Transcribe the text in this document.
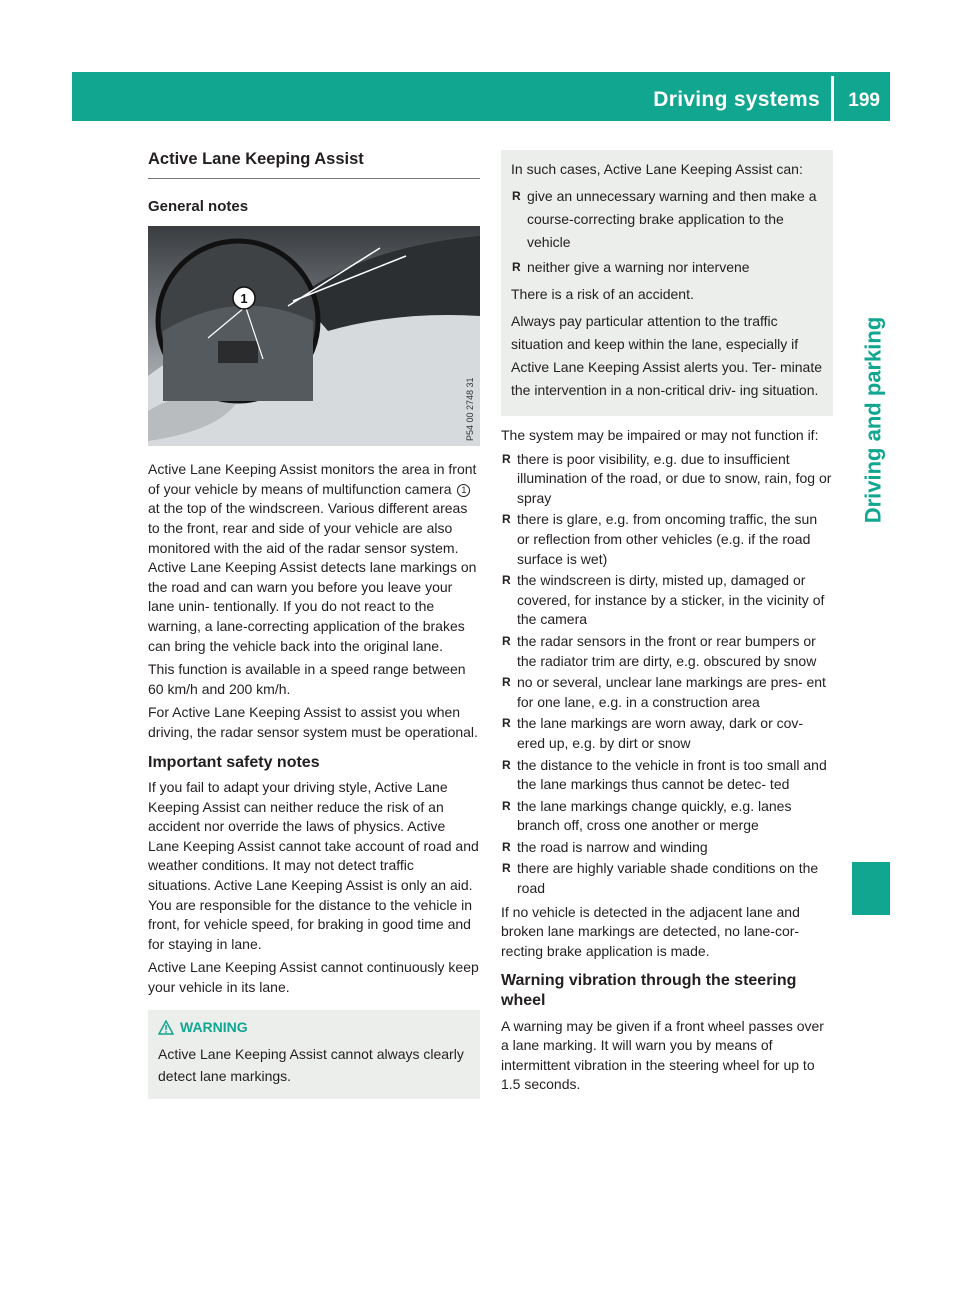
Driving systems 199
Driving and parking
Active Lane Keeping Assist
General notes
1
P54 00 2748 31

Active Lane Keeping Assist monitors the area in front of your vehicle by means of multifunction camera 1 at the top of the windscreen. Various different areas to the front, rear and side of your vehicle are also monitored with the aid of the radar sensor system. Active Lane Keeping Assist detects lane markings on the road and can warn you before you leave your lane unin- tentionally. If you do not react to the warning, a lane-correcting application of the brakes can bring the vehicle back into the original lane.

This function is available in a speed range between 60 km/h and 200 km/h.

For Active Lane Keeping Assist to assist you when driving, the radar sensor system must be operational.

Important safety notes

If you fail to adapt your driving style, Active Lane Keeping Assist can neither reduce the risk of an accident nor override the laws of physics. Active Lane Keeping Assist cannot take account of road and weather conditions. It may not detect traffic situations. Active Lane Keeping Assist is only an aid. You are responsible for the distance to the vehicle in front, for vehicle speed, for braking in good time and for staying in lane.

Active Lane Keeping Assist cannot continuously keep your vehicle in its lane.

WARNING
Active Lane Keeping Assist cannot always clearly detect lane markings.

In such cases, Active Lane Keeping Assist can:

R give an unnecessary warning and then make a course-correcting brake application to the vehicle
R neither give a warning nor intervene

There is a risk of an accident.

Always pay particular attention to the traffic situation and keep within the lane, especially if Active Lane Keeping Assist alerts you. Ter- minate the intervention in a non-critical driv- ing situation.

The system may be impaired or may not function if:

R there is poor visibility, e.g. due to insufficient illumination of the road, or due to snow, rain, fog or spray
R there is glare, e.g. from oncoming traffic, the sun or reflection from other vehicles (e.g. if the road surface is wet)
R the windscreen is dirty, misted up, damaged or covered, for instance by a sticker, in the vicinity of the camera
R the radar sensors in the front or rear bumpers or the radiator trim are dirty, e.g. obscured by snow
R no or several, unclear lane markings are pres- ent for one lane, e.g. in a construction area
R the lane markings are worn away, dark or cov- ered up, e.g. by dirt or snow
R the distance to the vehicle in front is too small and the lane markings thus cannot be detec- ted
R the lane markings change quickly, e.g. lanes branch off, cross one another or merge
R the road is narrow and winding
R there are highly variable shade conditions on the road

If no vehicle is detected in the adjacent lane and broken lane markings are detected, no lane-cor- recting brake application is made.

Warning vibration through the steering wheel

A warning may be given if a front wheel passes over a lane marking. It will warn you by means of intermittent vibration in the steering wheel for up to 1.5 seconds.
